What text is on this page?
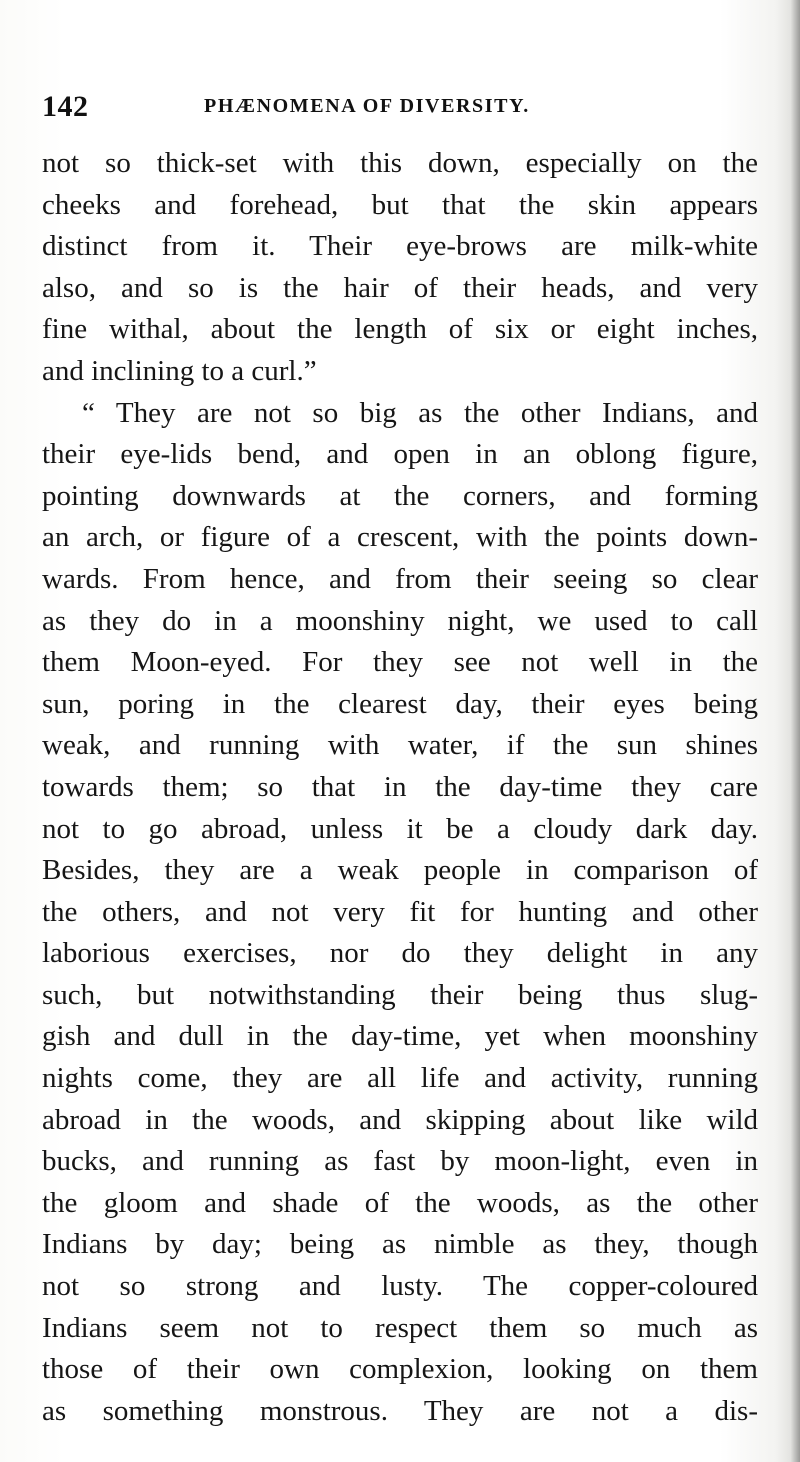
142	PHÆNOMENA OF DIVERSITY.
not so thick-set with this down, especially on the
cheeks and forehead, but that the skin appears
distinct from it. Their eye-brows are milk-white
also, and so is the hair of their heads, and very
fine withal, about the length of six or eight inches,
and inclining to a curl.”
“ They are not so big as the other Indians, and
their eye-lids bend, and open in an oblong figure,
pointing downwards at the corners, and forming
an arch, or figure of a crescent, with the points down-
wards. From hence, and from their seeing so clear
as they do in a moonshiny night, we used to call
them Moon-eyed. For they see not well in the
sun, poring in the clearest day, their eyes being
weak, and running with water, if the sun shines
towards them; so that in the day-time they care
not to go abroad, unless it be a cloudy dark day.
Besides, they are a weak people in comparison of
the others, and not very fit for hunting and other
laborious exercises, nor do they delight in any
such, but notwithstanding their being thus slug-
gish and dull in the day-time, yet when moonshiny
nights come, they are all life and activity, running
abroad in the woods, and skipping about like wild
bucks, and running as fast by moon-light, even in
the gloom and shade of the woods, as the other
Indians by day; being as nimble as they, though
not so strong and lusty. The copper-coloured
Indians seem not to respect them so much as
those of their own complexion, looking on them
as something monstrous. They are not a dis-
